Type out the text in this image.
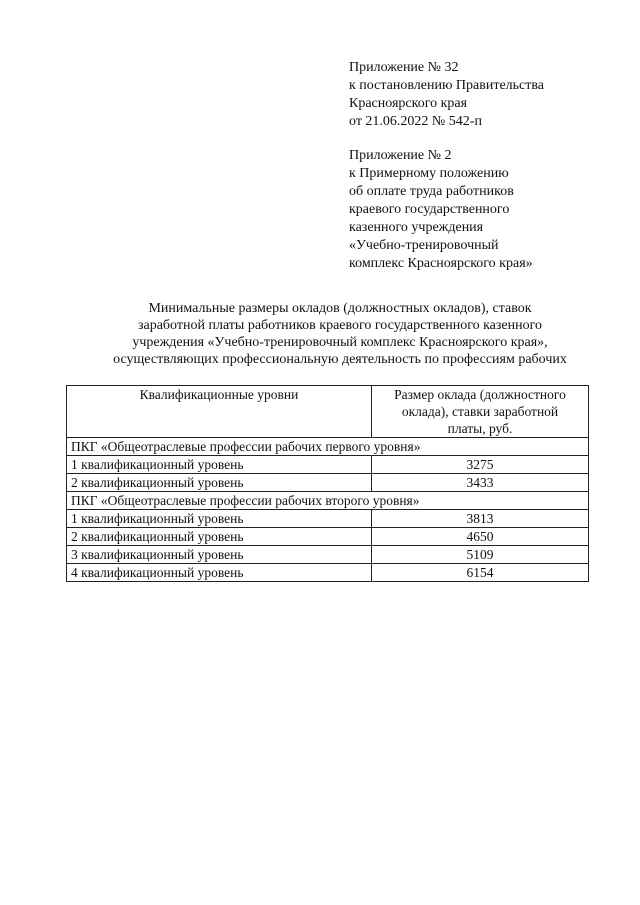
Приложение № 32
к постановлению Правительства
Красноярского края
от 21.06.2022 № 542-п
Приложение № 2
к Примерному положению
об оплате труда работников
краевого государственного
казенного учреждения
«Учебно-тренировочный
комплекс Красноярского края»
Минимальные размеры окладов (должностных окладов), ставок
заработной платы работников краевого государственного казенного
учреждения «Учебно-тренировочный комплекс Красноярского края»,
осуществляющих профессиональную деятельность по профессиям рабочих
Квалификационные уровни	Размер оклада (должностного
оклада), ставки заработной
платы, руб.

ПКГ «Общеотраслевые профессии рабочих первого уровня»	
1 квалификационный уровень	3275
2 квалификационный уровень	3433
ПКГ «Общеотраслевые профессии рабочих второго уровня»	
1 квалификационный уровень	3813
2 квалификационный уровень	4650
3 квалификационный уровень	5109
4 квалификационный уровень	6154
